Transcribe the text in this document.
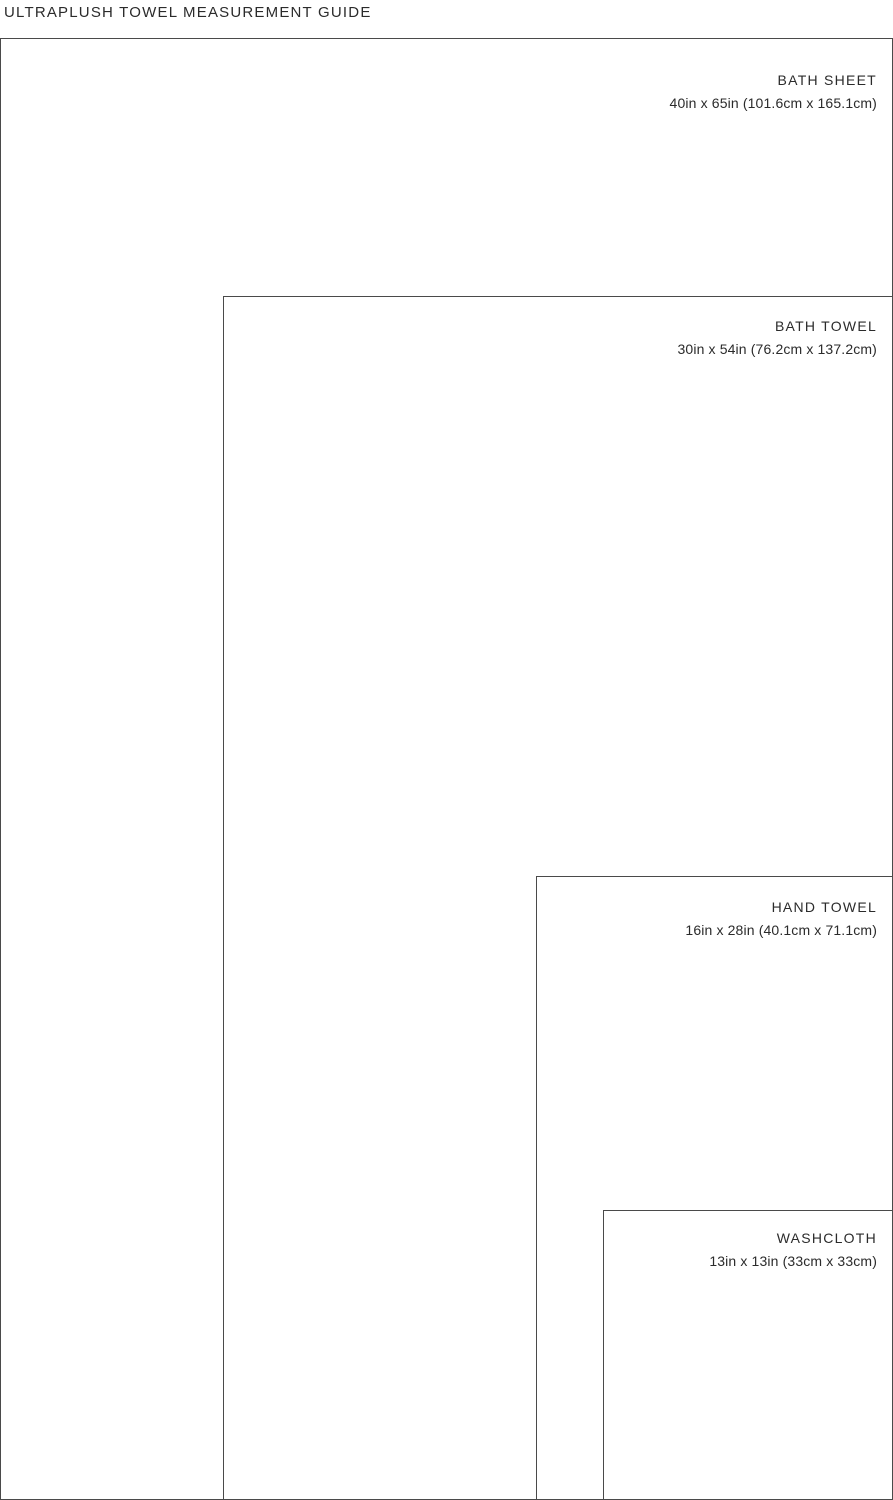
ULTRAPLUSH TOWEL MEASUREMENT GUIDE
BATH SHEET
40in x 65in (101.6cm x 165.1cm)
BATH TOWEL
30in x 54in (76.2cm x 137.2cm)
HAND TOWEL
16in x 28in (40.1cm x 71.1cm)
WASHCLOTH
13in x 13in (33cm x 33cm)
